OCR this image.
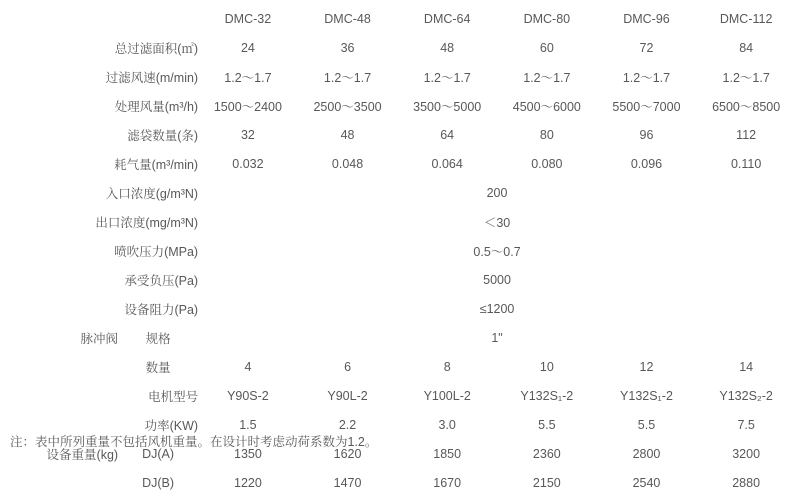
		DMC-32	DMC-48	DMC-64	DMC-80	DMC-96	DMC-112
总过滤面积(㎡)		24	36	48	60	72	84
过滤风速(m/min)		1.2～1.7	1.2～1.7	1.2～1.7	1.2～1.7	1.2～1.7	1.2～1.7
处理风量(m³/h)		1500～2400	2500～3500	3500～5000	4500～6000	5500～7000	6500～8500
滤袋数量(条)		32	48	64	80	96	112
耗气量(m³/min)		0.032	0.048	0.064	0.080	0.096	0.110
入口浓度(g/m³N)		200					
出口浓度(mg/m³N)		＜30					
喷吹压力(MPa)		0.5～0.7					
承受负压(Pa)		5000					
设备阻力(Pa)		≤1200					
脉冲阀	规格	1"					
	数量	4	6	8	10	12	14
电机型号		Y90S-2	Y90L-2	Y100L-2	Y132S₁-2	Y132S₁-2	Y132S₂-2
功率(KW)		1.5	2.2	3.0	5.5	5.5	7.5
设备重量(kg)	DJ(A)	1350	1620	1850	2360	2800	3200
	DJ(B)	1220	1470	1670	2150	2540	2880
注：表中所列重量不包括风机重量。在设计时考虑动荷系数为1.2。
